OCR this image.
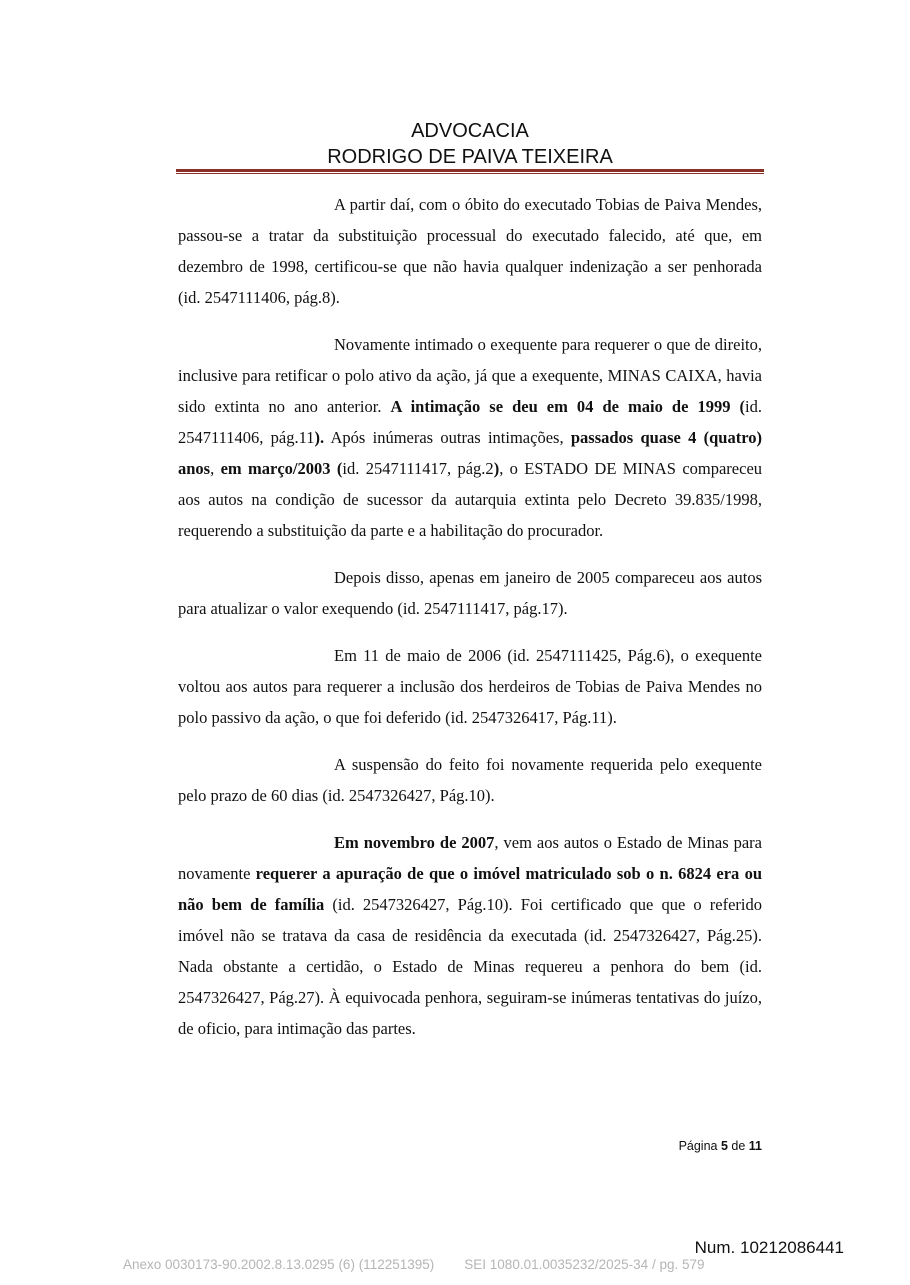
ADVOCACIA
RODRIGO DE PAIVA TEIXEIRA

A partir daí, com o óbito do executado Tobias de Paiva Mendes, passou-se a tratar da substituição processual do executado falecido, até que, em dezembro de 1998, certificou-se que não havia qualquer indenização a ser penhorada (id. 2547111406, pág.8).

Novamente intimado o exequente para requerer o que de direito, inclusive para retificar o polo ativo da ação, já que a exequente, MINAS CAIXA, havia sido extinta no ano anterior. A intimação se deu em 04 de maio de 1999 (id. 2547111406, pág.11). Após inúmeras outras intimações, passados quase 4 (quatro) anos, em março/2003 (id. 2547111417, pág.2), o ESTADO DE MINAS compareceu aos autos na condição de sucessor da autarquia extinta pelo Decreto 39.835/1998, requerendo a substituição da parte e a habilitação do procurador.

Depois disso, apenas em janeiro de 2005 compareceu aos autos para atualizar o valor exequendo (id. 2547111417, pág.17).

Em 11 de maio de 2006 (id. 2547111425, Pág.6), o exequente voltou aos autos para requerer a inclusão dos herdeiros de Tobias de Paiva Mendes no polo passivo da ação, o que foi deferido (id. 2547326417, Pág.11).

A suspensão do feito foi novamente requerida pelo exequente pelo prazo de 60 dias (id. 2547326427, Pág.10).

Em novembro de 2007, vem aos autos o Estado de Minas para novamente requerer a apuração de que o imóvel matriculado sob o n. 6824 era ou não bem de família (id. 2547326427, Pág.10). Foi certificado que que o referido imóvel não se tratava da casa de residência da executada (id. 2547326427, Pág.25). Nada obstante a certidão, o Estado de Minas requereu a penhora do bem (id. 2547326427, Pág.27). À equivocada penhora, seguiram-se inúmeras tentativas do juízo, de oficio, para intimação das partes.

Página 5 de 11
Num. 10212086441
Anexo 0030173-90.2002.8.13.0295 (6) (112251395) SEI 1080.01.0035232/2025-34 / pg. 579
